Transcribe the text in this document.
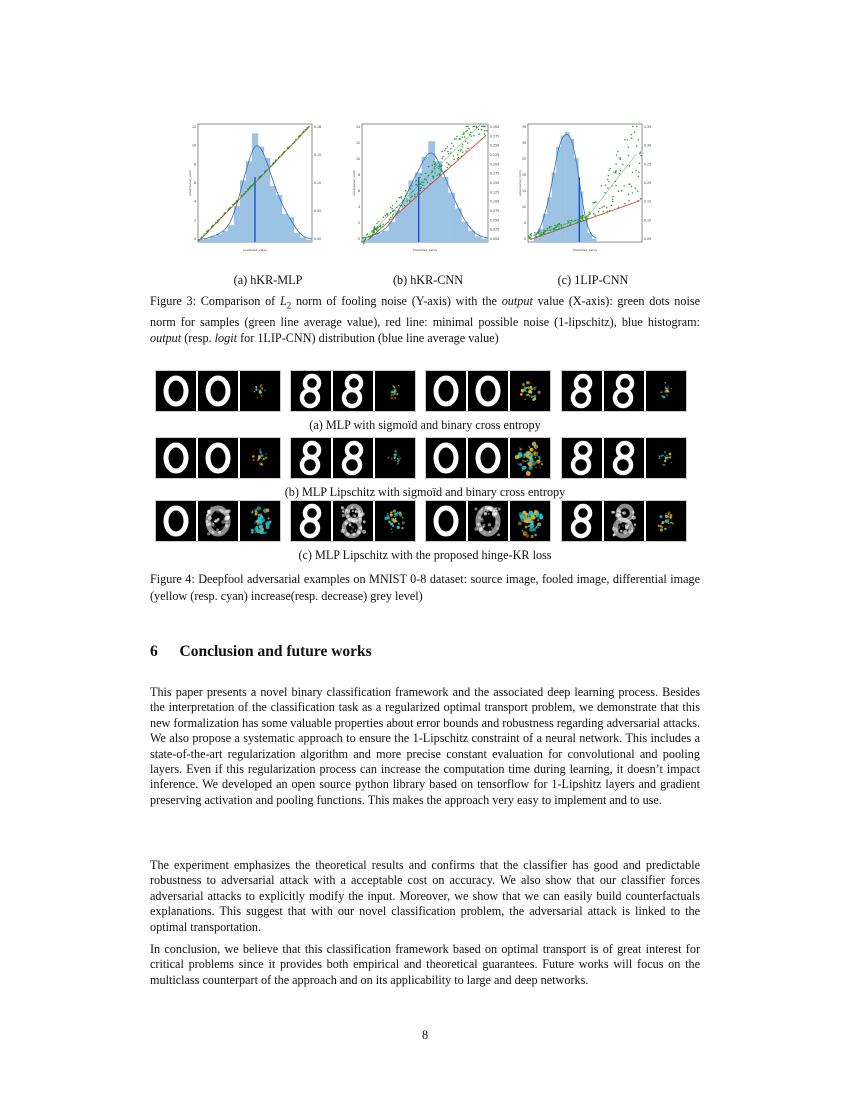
12
10
8
6
4
2
0
0.18
0.15
0.10
0.05
0.00
predicted_value
adversarial_norm
14
12
10
8
6
4
2
0
0.300
0.275
0.250
0.225
0.200
0.175
0.150
0.125
0.100
0.075
0.050
0.025
0.000
predicted_value
adversarial_norm
35
30
25
20
15
10
5
0
0.35
0.30
0.25
0.20
0.15
0.10
0.05
predicted_value
adversarial_norm
(a) hKR-MLP	(b) hKR-CNN	(c) 1LIP-CNN
Figure 3: Comparison of $L_2$ norm of fooling noise (Y-axis) with the output value (X-axis): green dots noise norm for samples (green line average value), red line: minimal possible noise (1-lipschitz), blue histogram: output (resp. logit for 1LIP-CNN) distribution (blue line average value)
(a) MLP with sigmoïd and binary cross entropy
(b) MLP Lipschitz with sigmoïd and binary cross entropy
(c) MLP Lipschitz with the proposed hinge-KR loss
Figure 4: Deepfool adversarial examples on MNIST 0-8 dataset: source image, fooled image, differential image (yellow (resp. cyan) increase(resp. decrease) grey level)
6 Conclusion and future works
This paper presents a novel binary classification framework and the associated deep learning process. Besides the interpretation of the classification task as a regularized optimal transport problem, we demonstrate that this new formalization has some valuable properties about error bounds and robustness regarding adversarial attacks. We also propose a systematic approach to ensure the 1-Lipschitz constraint of a neural network. This includes a state-of-the-art regularization algorithm and more precise constant evaluation for convolutional and pooling layers. Even if this regularization process can increase the computation time during learning, it doesn’t impact inference. We developed an open source python library based on tensorflow for 1-Lipshitz layers and gradient preserving activation and pooling functions. This makes the approach very easy to implement and to use.
The experiment emphasizes the theoretical results and confirms that the classifier has good and predictable robustness to adversarial attack with a acceptable cost on accuracy. We also show that our classifier forces adversarial attacks to explicitly modify the input. Moreover, we show that we can easily build counterfactuals explanations. This suggest that with our novel classification problem, the adversarial attack is linked to the optimal transportation.
In conclusion, we believe that this classification framework based on optimal transport is of great interest for critical problems since it provides both empirical and theoretical guarantees. Future works will focus on the multiclass counterpart of the approach and on its applicability to large and deep networks.
8
